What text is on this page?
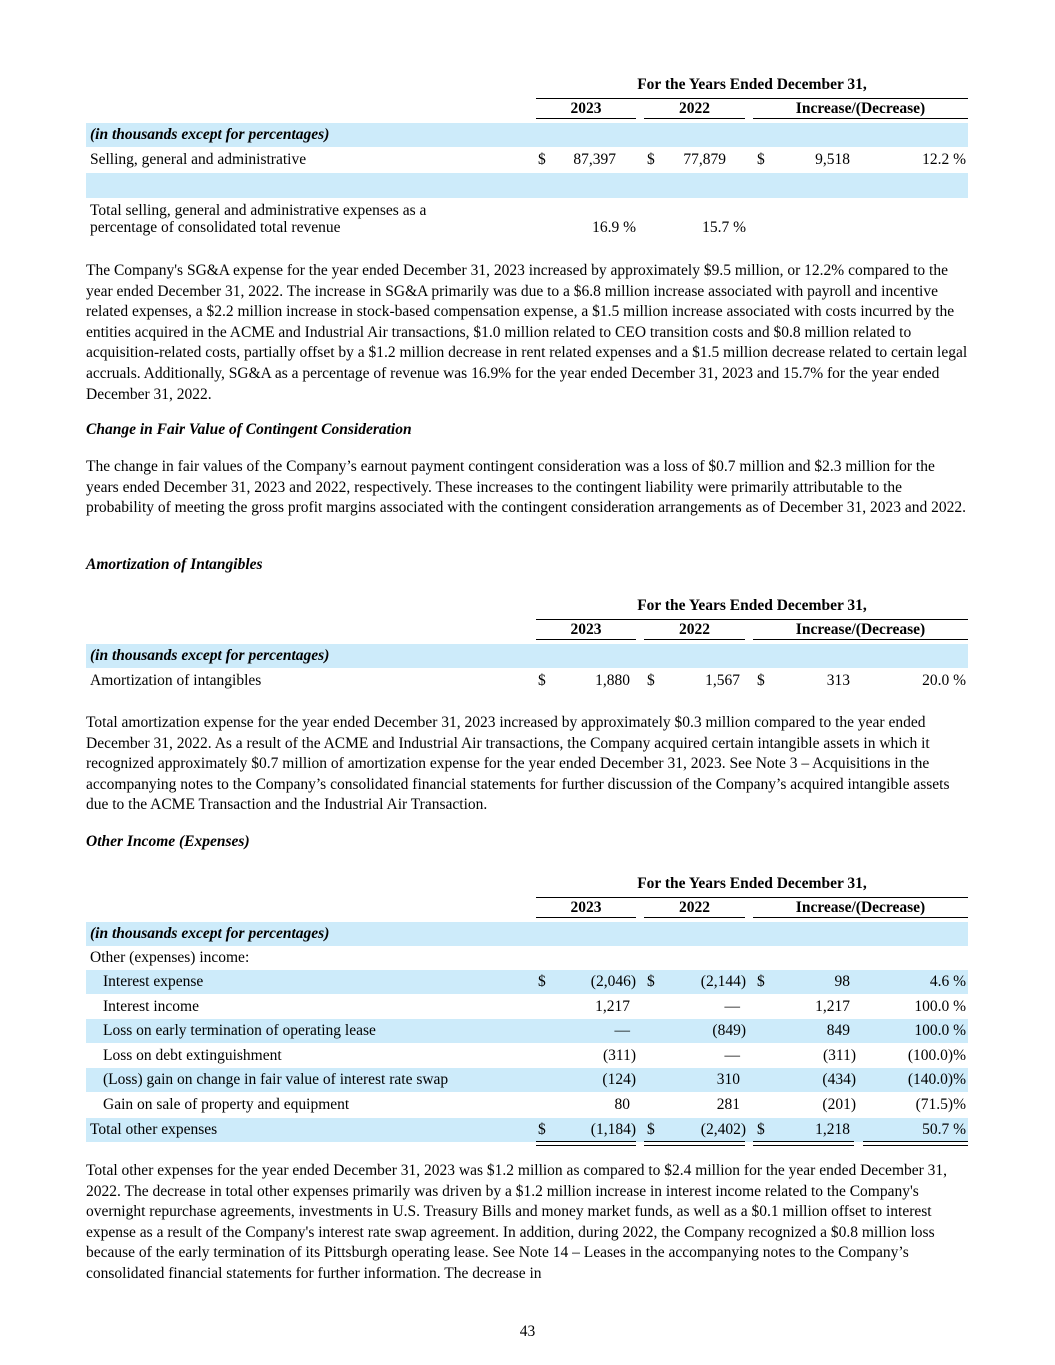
For the Years Ended December 31,
2023	2022	Increase/(Decrease)
(in thousands except for percentages)
Selling, general and administrative	$	87,397 $	77,879 $	9,518	12.2 %
Total selling, general and administrative expenses as a
percentage of consolidated total revenue	16.9 %	15.7 %
The Company's SG&A expense for the year ended December 31, 2023 increased by approximately $9.5 million, or 12.2% compared to the year ended December 31, 2022. The increase in SG&A primarily was due to a $6.8 million increase associated with payroll and incentive related expenses, a $2.2 million increase in stock-based compensation expense, a $1.5 million increase associated with costs incurred by the entities acquired in the ACME and Industrial Air transactions, $1.0 million related to CEO transition costs and $0.8 million related to acquisition-related costs, partially offset by a $1.2 million decrease in rent related expenses and a $1.5 million decrease related to certain legal accruals. Additionally, SG&A as a percentage of revenue was 16.9% for the year ended December 31, 2023 and 15.7% for the year ended December 31, 2022.
Change in Fair Value of Contingent Consideration
The change in fair values of the Company’s earnout payment contingent consideration was a loss of $0.7 million and $2.3 million for the years ended December 31, 2023 and 2022, respectively. These increases to the contingent liability were primarily attributable to the probability of meeting the gross profit margins associated with the contingent consideration arrangements as of December 31, 2023 and 2022.
Amortization of Intangibles
For the Years Ended December 31,
2023	2022	Increase/(Decrease)
(in thousands except for percentages)
Amortization of intangibles	$	1,880 $	1,567 $	313	20.0 %
Total amortization expense for the year ended December 31, 2023 increased by approximately $0.3 million compared to the year ended December 31, 2022. As a result of the ACME and Industrial Air transactions, the Company acquired certain intangible assets in which it recognized approximately $0.7 million of amortization expense for the year ended December 31, 2023. See Note 3 – Acquisitions in the accompanying notes to the Company’s consolidated financial statements for further discussion of the Company’s acquired intangible assets due to the ACME Transaction and the Industrial Air Transaction.
Other Income (Expenses)
For the Years Ended December 31,
2023	2022	Increase/(Decrease)
(in thousands except for percentages)
Other (expenses) income:
Interest expense	$	(2,046) $	(2,144) $	98	4.6 %
Interest income	1,217	—	1,217	100.0 %
Loss on early termination of operating lease	—	(849)	849	100.0 %
Loss on debt extinguishment	(311)	—	(311)	(100.0)%
(Loss) gain on change in fair value of interest rate swap	(124)	310	(434)	(140.0)%
Gain on sale of property and equipment	80	281	(201)	(71.5)%
Total other expenses	$	(1,184) $	(2,402) $	1,218	50.7 %
Total other expenses for the year ended December 31, 2023 was $1.2 million as compared to $2.4 million for the year ended December 31, 2022. The decrease in total other expenses primarily was driven by a $1.2 million increase in interest income related to the Company's overnight repurchase agreements, investments in U.S. Treasury Bills and money market funds, as well as a $0.1 million offset to interest expense as a result of the Company's interest rate swap agreement. In addition, during 2022, the Company recognized a $0.8 million loss because of the early termination of its Pittsburgh operating lease. See Note 14 – Leases in the accompanying notes to the Company’s consolidated financial statements for further information. The decrease in
43
